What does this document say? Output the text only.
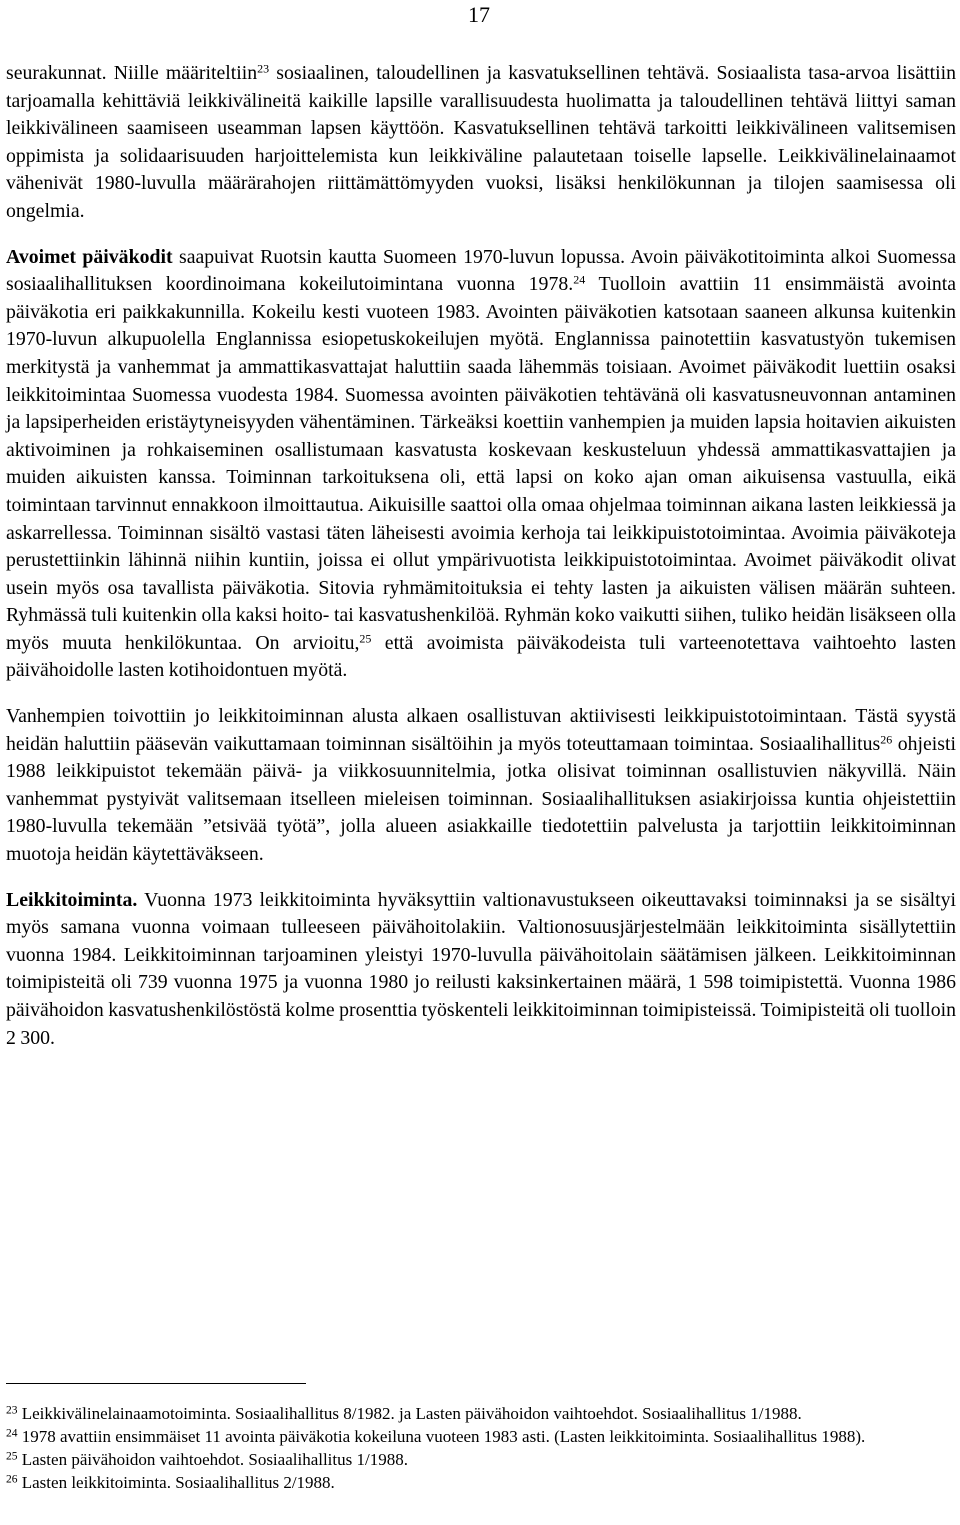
17

seurakunnat. Niille määriteltiin$^{23}$ sosiaalinen, taloudellinen ja kasvatuksellinen tehtävä. Sosiaalista tasa-arvoa lisättiin tarjoamalla kehittäviä leikkivälineitä kaikille lapsille varallisuudesta huolimatta ja taloudellinen tehtävä liittyi saman leikkivälineen saamiseen useamman lapsen käyttöön. Kasvatuksellinen tehtävä tarkoitti leikkivälineen valitsemisen oppimista ja solidaarisuuden harjoittelemista kun leikkiväline palautetaan toiselle lapselle. Leikkivälinelainaamot vähenivät 1980-luvulla määrärahojen riittämättömyyden vuoksi, lisäksi henkilökunnan ja tilojen saamisessa oli ongelmia.

Avoimet päiväkodit saapuivat Ruotsin kautta Suomeen 1970-luvun lopussa. Avoin päiväkotitoiminta alkoi Suomessa sosiaalihallituksen koordinoimana kokeilutoimintana vuonna 1978.24 Tuolloin avattiin 11 ensimmäistä avointa päiväkotia eri paikkakunnilla. Kokeilu kesti vuoteen 1983. Avointen päiväkotien katsotaan saaneen alkunsa kuitenkin 1970-luvun alkupuolella Englannissa esiopetuskokeilujen myötä. Englannissa painotettiin kasvatustyön tukemisen merkitystä ja vanhemmat ja ammattikasvattajat haluttiin saada lähemmäs toisiaan. Avoimet päiväkodit luettiin osaksi leikkitoimintaa Suomessa vuodesta 1984. Suomessa avointen päiväkotien tehtävänä oli kasvatusneuvonnan antaminen ja lapsiperheiden eristäytyneisyyden vähentäminen. Tärkeäksi koettiin vanhempien ja muiden lapsia hoitavien aikuisten aktivoiminen ja rohkaiseminen osallistumaan kasvatusta koskevaan keskusteluun yhdessä ammattikasvattajien ja muiden aikuisten kanssa. Toiminnan tarkoituksena oli, että lapsi on koko ajan oman aikuisensa vastuulla, eikä toimintaan tarvinnut ennakkoon ilmoittautua. Aikuisille saattoi olla omaa ohjelmaa toiminnan aikana lasten leikkiessä ja askarrellessa. Toiminnan sisältö vastasi täten läheisesti avoimia kerhoja tai leikkipuistotoimintaa. Avoimia päiväkoteja perustettiinkin lähinnä niihin kuntiin, joissa ei ollut ympärivuotista leikkipuistotoimintaa. Avoimet päiväkodit olivat usein myös osa tavallista päiväkotia. Sitovia ryhmämitoituksia ei tehty lasten ja aikuisten välisen määrän suhteen. Ryhmässä tuli kuitenkin olla kaksi hoito- tai kasvatushenkilöä. Ryhmän koko vaikutti siihen, tuliko heidän lisäkseen olla myös muuta henkilökuntaa. On arvioitu,$^{25}$ että avoimista päiväkodeista tuli varteenotettava vaihtoehto lasten päivähoidolle lasten kotihoidontuen myötä.

Vanhempien toivottiin jo leikkitoiminnan alusta alkaen osallistuvan aktiivisesti leikkipuistotoimintaan. Tästä syystä heidän haluttiin pääsevän vaikuttamaan toiminnan sisältöihin ja myös toteuttamaan toimintaa. Sosiaalihallitus$^{26}$ ohjeisti 1988 leikkipuistot tekemään päivä- ja viikkosuunnitelmia, jotka olisivat toiminnan osallistuvien näkyvillä. Näin vanhemmat pystyivät valitsemaan itselleen mieleisen toiminnan. Sosiaalihallituksen asiakirjoissa kuntia ohjeistettiin 1980-luvulla tekemään ”etsivää työtä”, jolla alueen asiakkaille tiedotettiin palvelusta ja tarjottiin leikkitoiminnan muotoja heidän käytettäväkseen.

Leikkitoiminta. Vuonna 1973 leikkitoiminta hyväksyttiin valtionavustukseen oikeuttavaksi toiminnaksi ja se sisältyi myös samana vuonna voimaan tulleeseen päivähoitolakiin. Valtionosuusjärjestelmään leikkitoiminta sisällytettiin vuonna 1984. Leikkitoiminnan tarjoaminen yleistyi 1970-luvulla päivähoitolain säätämisen jälkeen. Leikkitoiminnan toimipisteitä oli 739 vuonna 1975 ja vuonna 1980 jo reilusti kaksinkertainen määrä, 1 598 toimipistettä. Vuonna 1986 päivähoidon kasvatushenkilöstöstä kolme prosenttia työskenteli leikkitoiminnan toimipisteissä. Toimipisteitä oli tuolloin 2 300.

$^{23}$ Leikkivälinelainaamotoiminta. Sosiaalihallitus 8/1982. ja Lasten päivähoidon vaihtoehdot. Sosiaalihallitus 1/1988.

$^{24}$ 1978 avattiin ensimmäiset 11 avointa päiväkotia kokeiluna vuoteen 1983 asti. (Lasten leikkitoiminta. Sosiaalihallitus 1988).

$^{25}$ Lasten päivähoidon vaihtoehdot. Sosiaalihallitus 1/1988.

$^{26}$ Lasten leikkitoiminta. Sosiaalihallitus 2/1988.
